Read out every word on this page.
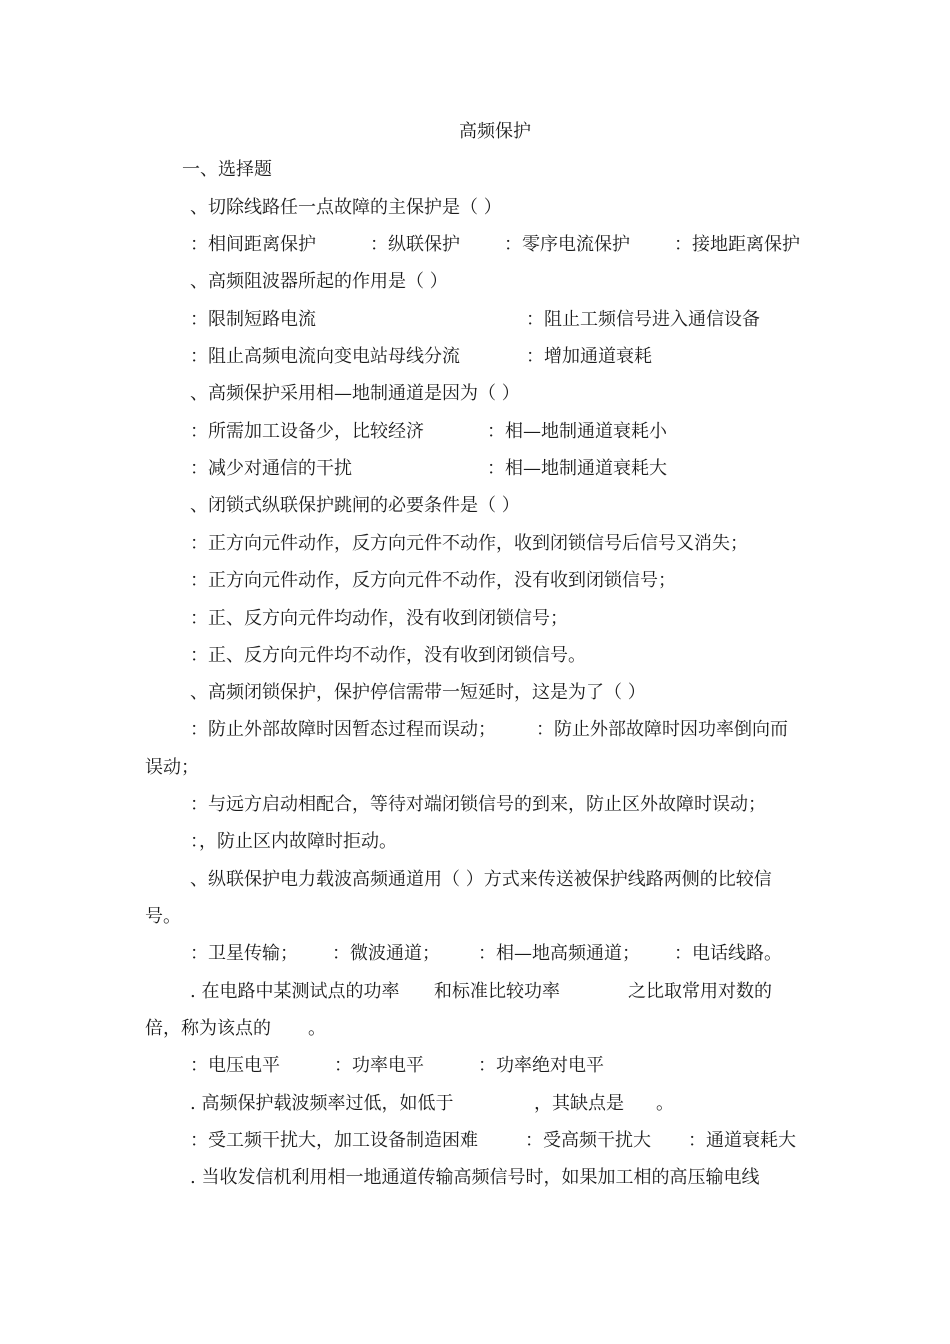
高频保护
一、选择题
、切除线路任一点故障的主保护是（ ）
：相间距离保护	：纵联保护 ：零序电流保护 ：接地距离保护
、高频阻波器所起的作用是（ ）
：限制短路电流	：阻止工频信号进入通信设备
：阻止高频电流向变电站母线分流	：增加通道衰耗
、高频保护采用相—地制通道是因为（ ）
：所需加工设备少，比较经济	：相—地制通道衰耗小
：减少对通信的干扰	：相—地制通道衰耗大
、闭锁式纵联保护跳闸的必要条件是（ ）
：正方向元件动作，反方向元件不动作，收到闭锁信号后信号又消失；
：正方向元件动作，反方向元件不动作，没有收到闭锁信号；
：正、反方向元件均动作，没有收到闭锁信号；
：正、反方向元件均不动作，没有收到闭锁信号。
、高频闭锁保护，保护停信需带一短延时，这是为了（ ）
：防止外部故障时因暂态过程而误动； ：防止外部故障时因功率倒向而
误动；
：与远方启动相配合，等待对端闭锁信号的到来，防止区外故障时误动；
：，防止区内故障时拒动。
、纵联保护电力载波高频通道用（ ）方式来传送被保护线路两侧的比较信
号。
：卫星传输； ：微波通道； ：相—地高频通道； ：电话线路。
. 在电路中某测试点的功率 和标准比较功率	之比取常用对数的
倍，称为该点的 。
：电压电平	：功率电平	：功率绝对电平
. 高频保护载波频率过低，如低于	，其缺点是 。
：受工频干扰大，加工设备制造困难	：受高频干扰大 ：通道衰耗大
. 当收发信机利用相一地通道传输高频信号时，如果加工相的高压输电线
